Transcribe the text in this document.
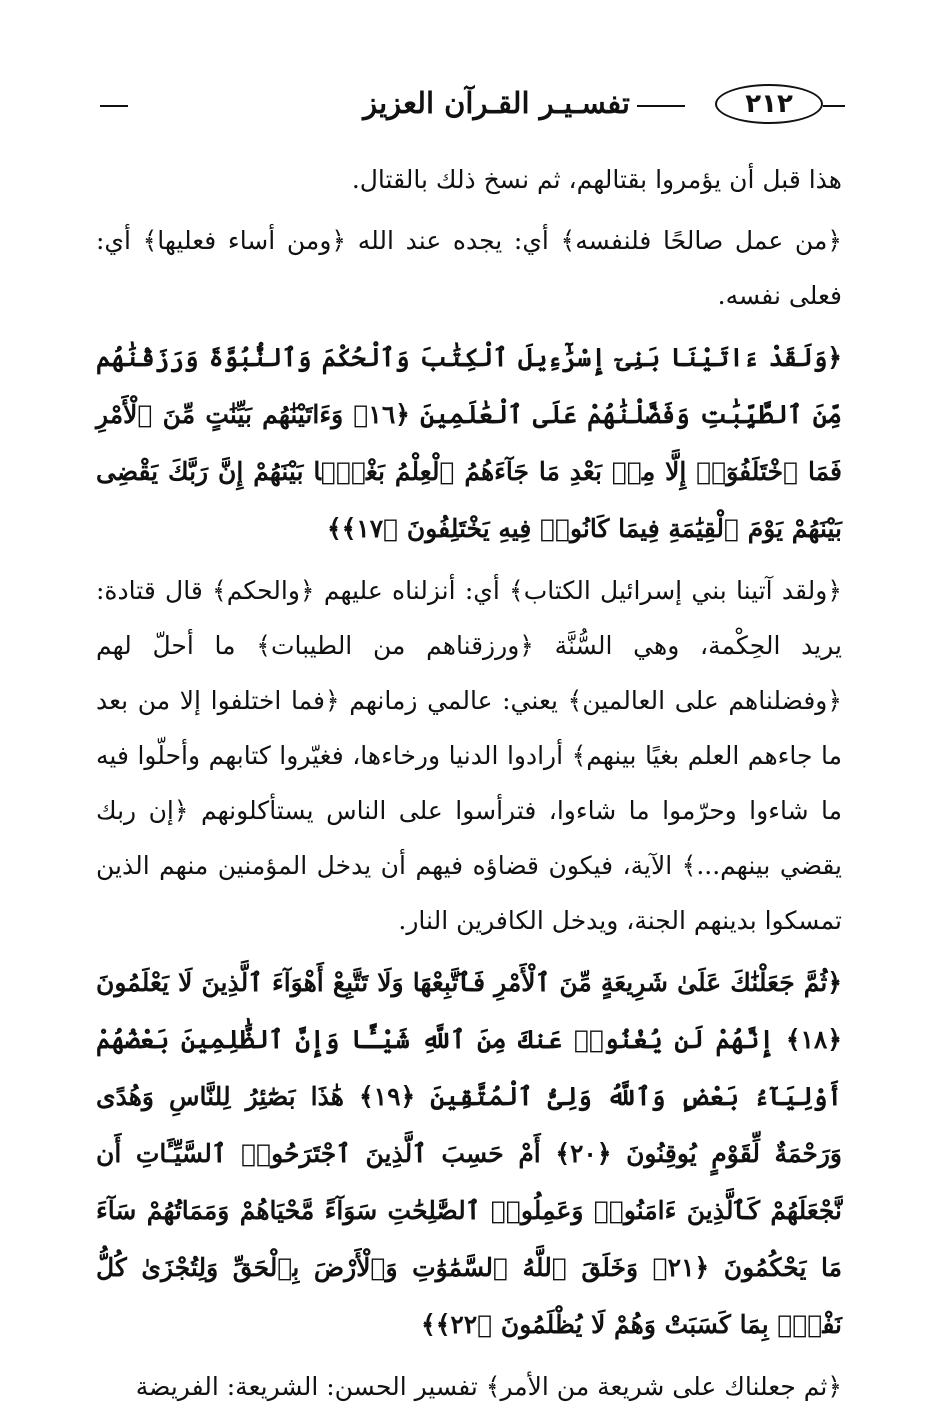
٢١٢
تفسـيـر القـرآن العزيز

هذا قبل أن يؤمروا بقتالهم، ثم نسخ ذلك بالقتال.

﴿من عمل صالحًا فلنفسه﴾ أي: يجده عند الله ﴿ومن أساء فعليها﴾ أي: فعلى نفسه.

﴿وَلَقَدْ ءَاتَيْنَا بَنِىٓ إِسْرَٰٓءِيلَ ٱلْكِتَٰبَ وَٱلْحُكْمَ وَٱلنُّبُوَّةَ وَرَزَقْنَٰهُم مِّنَ ٱلطَّيِّبَٰتِ وَفَضَّلْنَٰهُمْ عَلَى ٱلْعَٰلَمِينَ ﴿١٦﴾ وَءَاتَيْنَٰهُم بَيِّنَٰتٍ مِّنَ ٱلْأَمْرِ فَمَا ٱخْتَلَفُوٓا۟ إِلَّا مِنۢ بَعْدِ مَا جَآءَهُمُ ٱلْعِلْمُ بَغْيًۢا بَيْنَهُمْ إِنَّ رَبَّكَ يَقْضِى بَيْنَهُمْ يَوْمَ ٱلْقِيَٰمَةِ فِيمَا كَانُوا۟ فِيهِ يَخْتَلِفُونَ ﴿١٧﴾﴾

﴿ولقد آتينا بني إسرائيل الكتاب﴾ أي: أنزلناه عليهم ﴿والحكم﴾ قال قتادة: يريد الحِكْمة، وهي السُّنَّة ﴿ورزقناهم من الطيبات﴾ ما أحلّ لهم ﴿وفضلناهم على العالمين﴾ يعني: عالمي زمانهم ﴿فما اختلفوا إلا من بعد ما جاءهم العلم بغيًا بينهم﴾ أرادوا الدنيا ورخاءها، فغيّروا كتابهم وأحلّوا فيه ما شاءوا وحرّموا ما شاءوا، فترأسوا على الناس يستأكلونهم ﴿إن ربك يقضي بينهم...﴾ الآية، فيكون قضاؤه فيهم أن يدخل المؤمنين منهم الذين تمسكوا بدينهم الجنة، ويدخل الكافرين النار.

﴿ثُمَّ جَعَلْنَٰكَ عَلَىٰ شَرِيعَةٍ مِّنَ ٱلْأَمْرِ فَٱتَّبِعْهَا وَلَا تَتَّبِعْ أَهْوَآءَ ٱلَّذِينَ لَا يَعْلَمُونَ ﴿١٨﴾ إِنَّهُمْ لَن يُغْنُوا۟ عَنكَ مِنَ ٱللَّهِ شَيْـًٔا وَإِنَّ ٱلظَّٰلِمِينَ بَعْضُهُمْ أَوْلِيَآءُ بَعْضٍ وَٱللَّهُ وَلِىُّ ٱلْمُتَّقِينَ ﴿١٩﴾ هَٰذَا بَصَٰٓئِرُ لِلنَّاسِ وَهُدًى وَرَحْمَةٌ لِّقَوْمٍ يُوقِنُونَ ﴿٢٠﴾ أَمْ حَسِبَ ٱلَّذِينَ ٱجْتَرَحُوا۟ ٱلسَّيِّـَٔاتِ أَن نَّجْعَلَهُمْ كَٱلَّذِينَ ءَامَنُوا۟ وَعَمِلُوا۟ ٱلصَّٰلِحَٰتِ سَوَآءً مَّحْيَاهُمْ وَمَمَاتُهُمْ سَآءَ مَا يَحْكُمُونَ ﴿٢١﴾ وَخَلَقَ ٱللَّهُ ٱلسَّمَٰوَٰتِ وَٱلْأَرْضَ بِٱلْحَقِّ وَلِتُجْزَىٰ كُلُّ نَفْسٍۭ بِمَا كَسَبَتْ وَهُمْ لَا يُظْلَمُونَ ﴿٢٢﴾﴾

﴿ثم جعلناك على شريعة من الأمر﴾ تفسير الحسن: الشريعة: الفريضة
